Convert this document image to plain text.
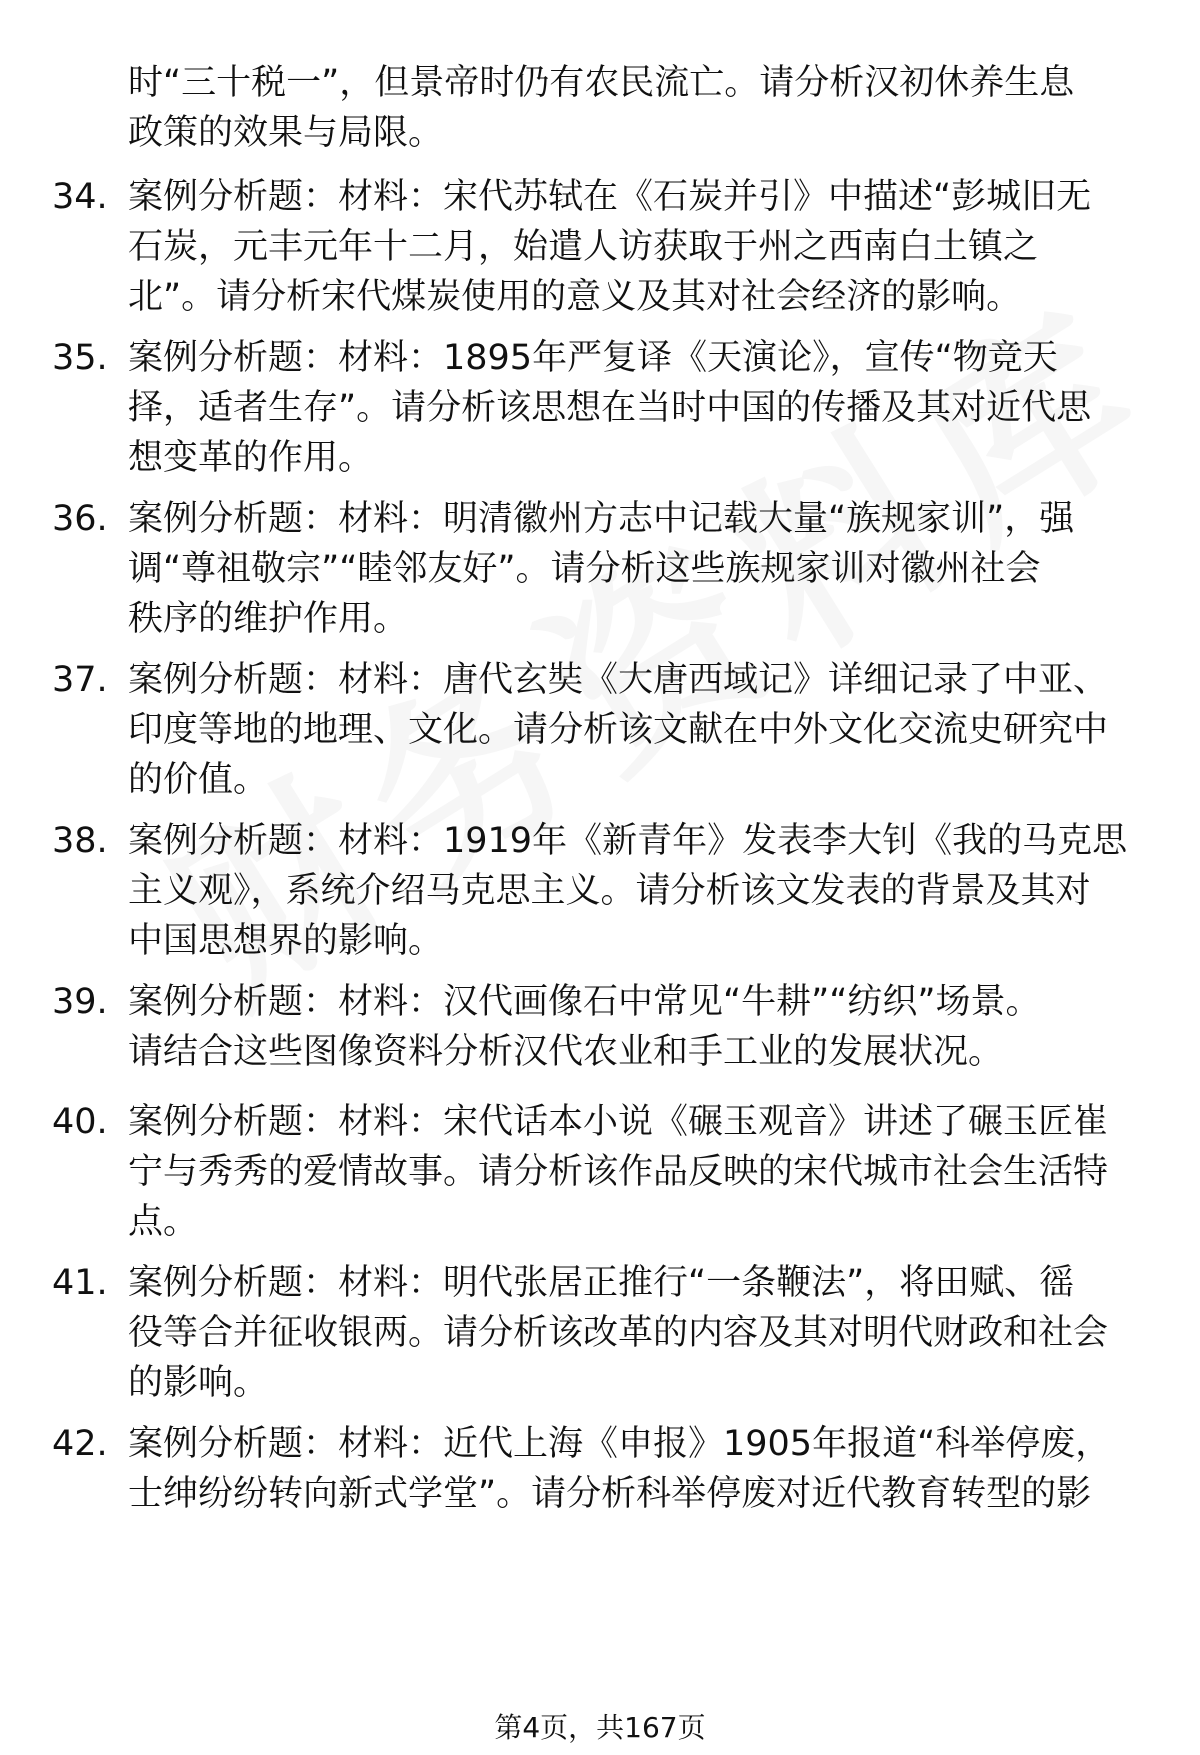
时“三十税一”，但景帝时仍有农民流亡。请分析汉初休养生息
政策的效果与局限。
34. 案例分析题：材料：宋代苏轼在《石炭并引》中描述“彭城旧无
石炭，元丰元年十二月，始遣人访获取于州之西南白土镇之
北”。请分析宋代煤炭使用的意义及其对社会经济的影响。
35. 案例分析题：材料：1895年严复译《天演论》，宣传“物竞天
择，适者生存”。请分析该思想在当时中国的传播及其对近代思
想变革的作用。
36. 案例分析题：材料：明清徽州方志中记载大量“族规家训”，强
调“尊祖敬宗”“睦邻友好”。请分析这些族规家训对徽州社会
秩序的维护作用。
37. 案例分析题：材料：唐代玄奘《大唐西域记》详细记录了中亚、
印度等地的地理、文化。请分析该文献在中外文化交流史研究中
的价值。
38. 案例分析题：材料：1919年《新青年》发表李大钊《我的马克思
主义观》，系统介绍马克思主义。请分析该文发表的背景及其对
中国思想界的影响。
39. 案例分析题：材料：汉代画像石中常见“牛耕”“纺织”场景。
请结合这些图像资料分析汉代农业和手工业的发展状况。
40. 案例分析题：材料：宋代话本小说《碾玉观音》讲述了碾玉匠崔
宁与秀秀的爱情故事。请分析该作品反映的宋代城市社会生活特
点。
41. 案例分析题：材料：明代张居正推行“一条鞭法”，将田赋、徭
役等合并征收银两。请分析该改革的内容及其对明代财政和社会
的影响。
42. 案例分析题：材料：近代上海《申报》1905年报道“科举停废，
士绅纷纷转向新式学堂”。请分析科举停废对近代教育转型的影
第4页，共167页
